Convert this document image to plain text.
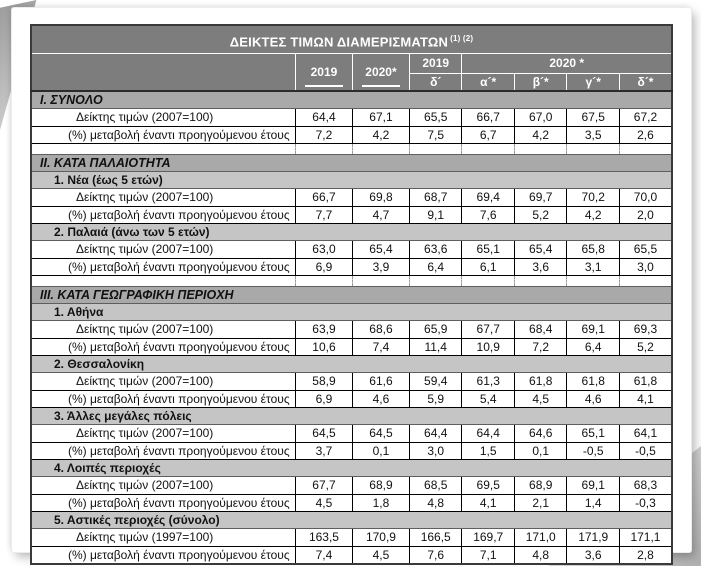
ΔΕΙΚΤΕΣ ΤΙΜΩΝ ΔΙΑΜΕΡΙΣΜΑΤΩΝ $^{(1) (2)}$
	2019	2020*	2019	2020 *			
			δ´	α´*	β´*	γ´*	δ´*
I. ΣΥΝΟΛΟ							
Δείκτης τιμών (2007=100)	64,4	67,1	65,5	66,7	67,0	67,5	67,2
(%) μεταβολή έναντι προηγούμενου έτους	7,2	4,2	7,5	6,7	4,2	3,5	2,6

II. ΚΑΤΑ ΠΑΛΑΙΟΤΗΤΑ							
1. Νέα (έως 5 ετών)							
Δείκτης τιμών (2007=100)	66,7	69,8	68,7	69,4	69,7	70,2	70,0
(%) μεταβολή έναντι προηγούμενου έτους	7,7	4,7	9,1	7,6	5,2	4,2	2,0
2. Παλαιά (άνω των 5 ετών)							
Δείκτης τιμών (2007=100)	63,0	65,4	63,6	65,1	65,4	65,8	65,5
(%) μεταβολή έναντι προηγούμενου έτους	6,9	3,9	6,4	6,1	3,6	3,1	3,0

III. ΚΑΤΑ ΓΕΩΓΡΑΦΙΚΗ ΠΕΡΙΟΧΗ							
1. Αθήνα							
Δείκτης τιμών (2007=100)	63,9	68,6	65,9	67,7	68,4	69,1	69,3
(%) μεταβολή έναντι προηγούμενου έτους	10,6	7,4	11,4	10,9	7,2	6,4	5,2
2. Θεσσαλονίκη							
Δείκτης τιμών (2007=100)	58,9	61,6	59,4	61,3	61,8	61,8	61,8
(%) μεταβολή έναντι προηγούμενου έτους	6,9	4,6	5,9	5,4	4,5	4,6	4,1
3. Άλλες μεγάλες πόλεις							
Δείκτης τιμών (2007=100)	64,5	64,5	64,4	64,4	64,6	65,1	64,1
(%) μεταβολή έναντι προηγούμενου έτους	3,7	0,1	3,0	1,5	0,1	-0,5	-0,5
4. Λοιπές περιοχές							
Δείκτης τιμών (2007=100)	67,7	68,9	68,5	69,5	68,9	69,1	68,3
(%) μεταβολή έναντι προηγούμενου έτους	4,5	1,8	4,8	4,1	2,1	1,4	-0,3
5. Αστικές περιοχές (σύνολο)							
Δείκτης τιμών (1997=100)	163,5	170,9	166,5	169,7	171,0	171,9	171,1
(%) μεταβολή έναντι προηγούμενου έτους	7,4	4,5	7,6	7,1	4,8	3,6	2,8
